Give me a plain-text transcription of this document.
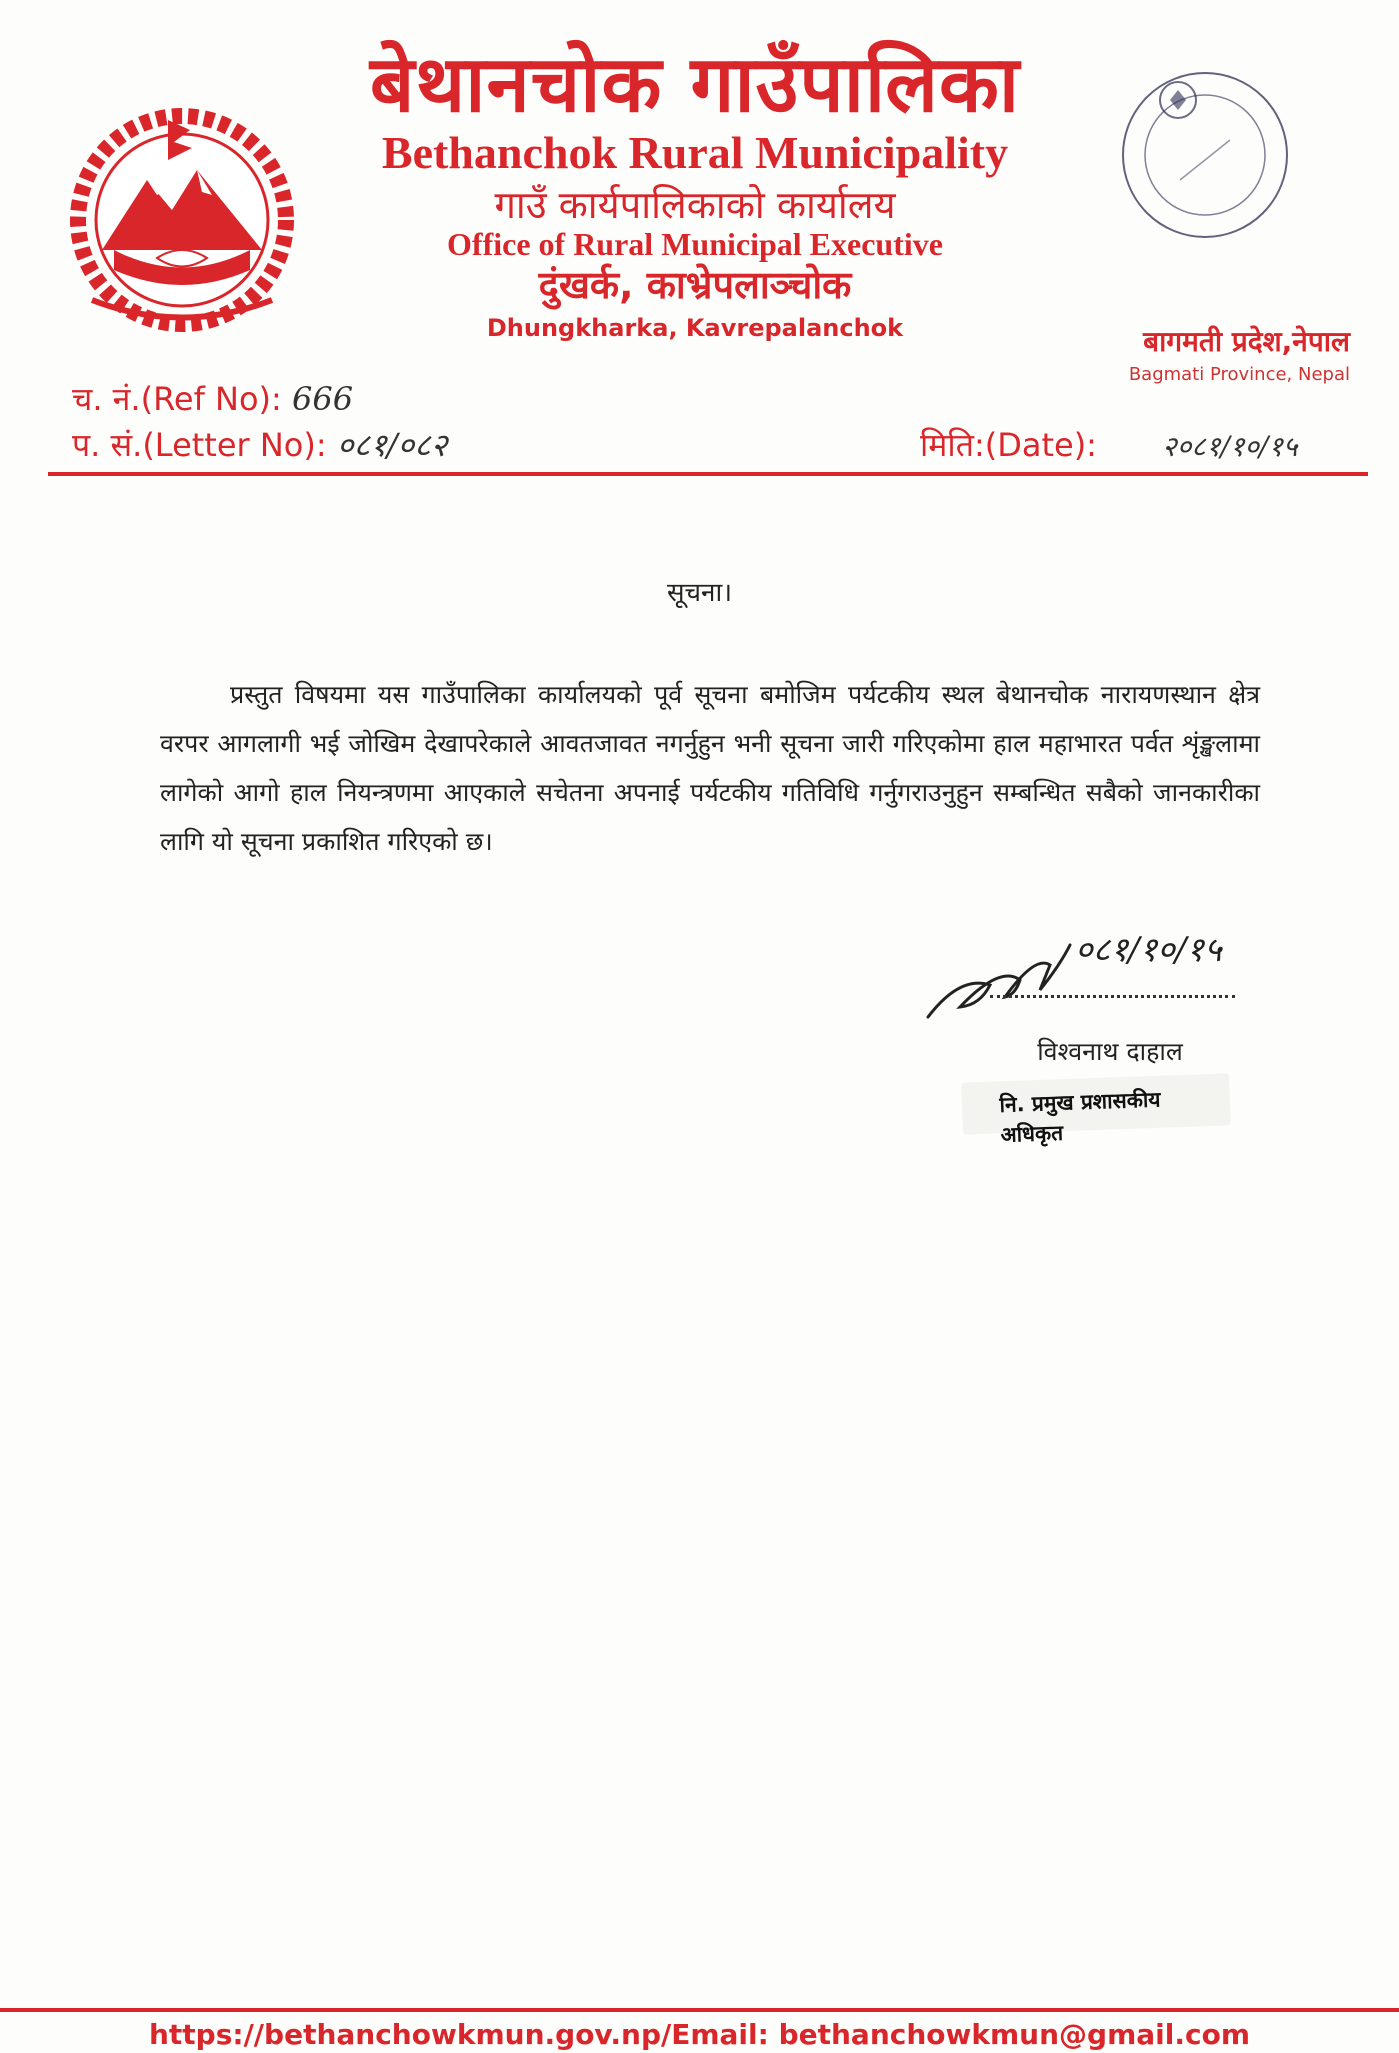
बेथानचोक गाउँपालिका
Bethanchok Rural Municipality
गाउँ कार्यपालिकाको कार्यालय
Office of Rural Municipal Executive
दुंखर्क, काभ्रेपलाञ्चोक
Dhungkharka, Kavrepalanchok	बागमती प्रदेश,नेपाल
Bagmati Province, Nepal
च. नं.(Ref No): 666
प. सं.(Letter No): ०८१/०८२	मिति:(Date): २०८१/१०/१५
सूचना।
प्रस्तुत विषयमा यस गाउँपालिका कार्यालयको पूर्व सूचना बमोजिम पर्यटकीय स्थल बेथानचोक नारायणस्थान क्षेत्र वरपर आगलागी भई जोखिम देखापरेकाले आवतजावत नगर्नुहुन भनी सूचना जारी गरिएकोमा हाल महाभारत पर्वत शृंङ्खलामा लागेको आगो हाल नियन्त्रणमा आएकाले सचेतना अपनाई पर्यटकीय गतिविधि गर्नुगराउनुहुन सम्बन्धित सबैको जानकारीका लागि यो सूचना प्रकाशित गरिएको छ।
०८१/१०/१५
विश्वनाथ दाहाल
नि. प्रमुख प्रशासकीय अधिकृत
https://bethanchowkmun.gov.np/Email: bethanchowkmun@gmail.com
